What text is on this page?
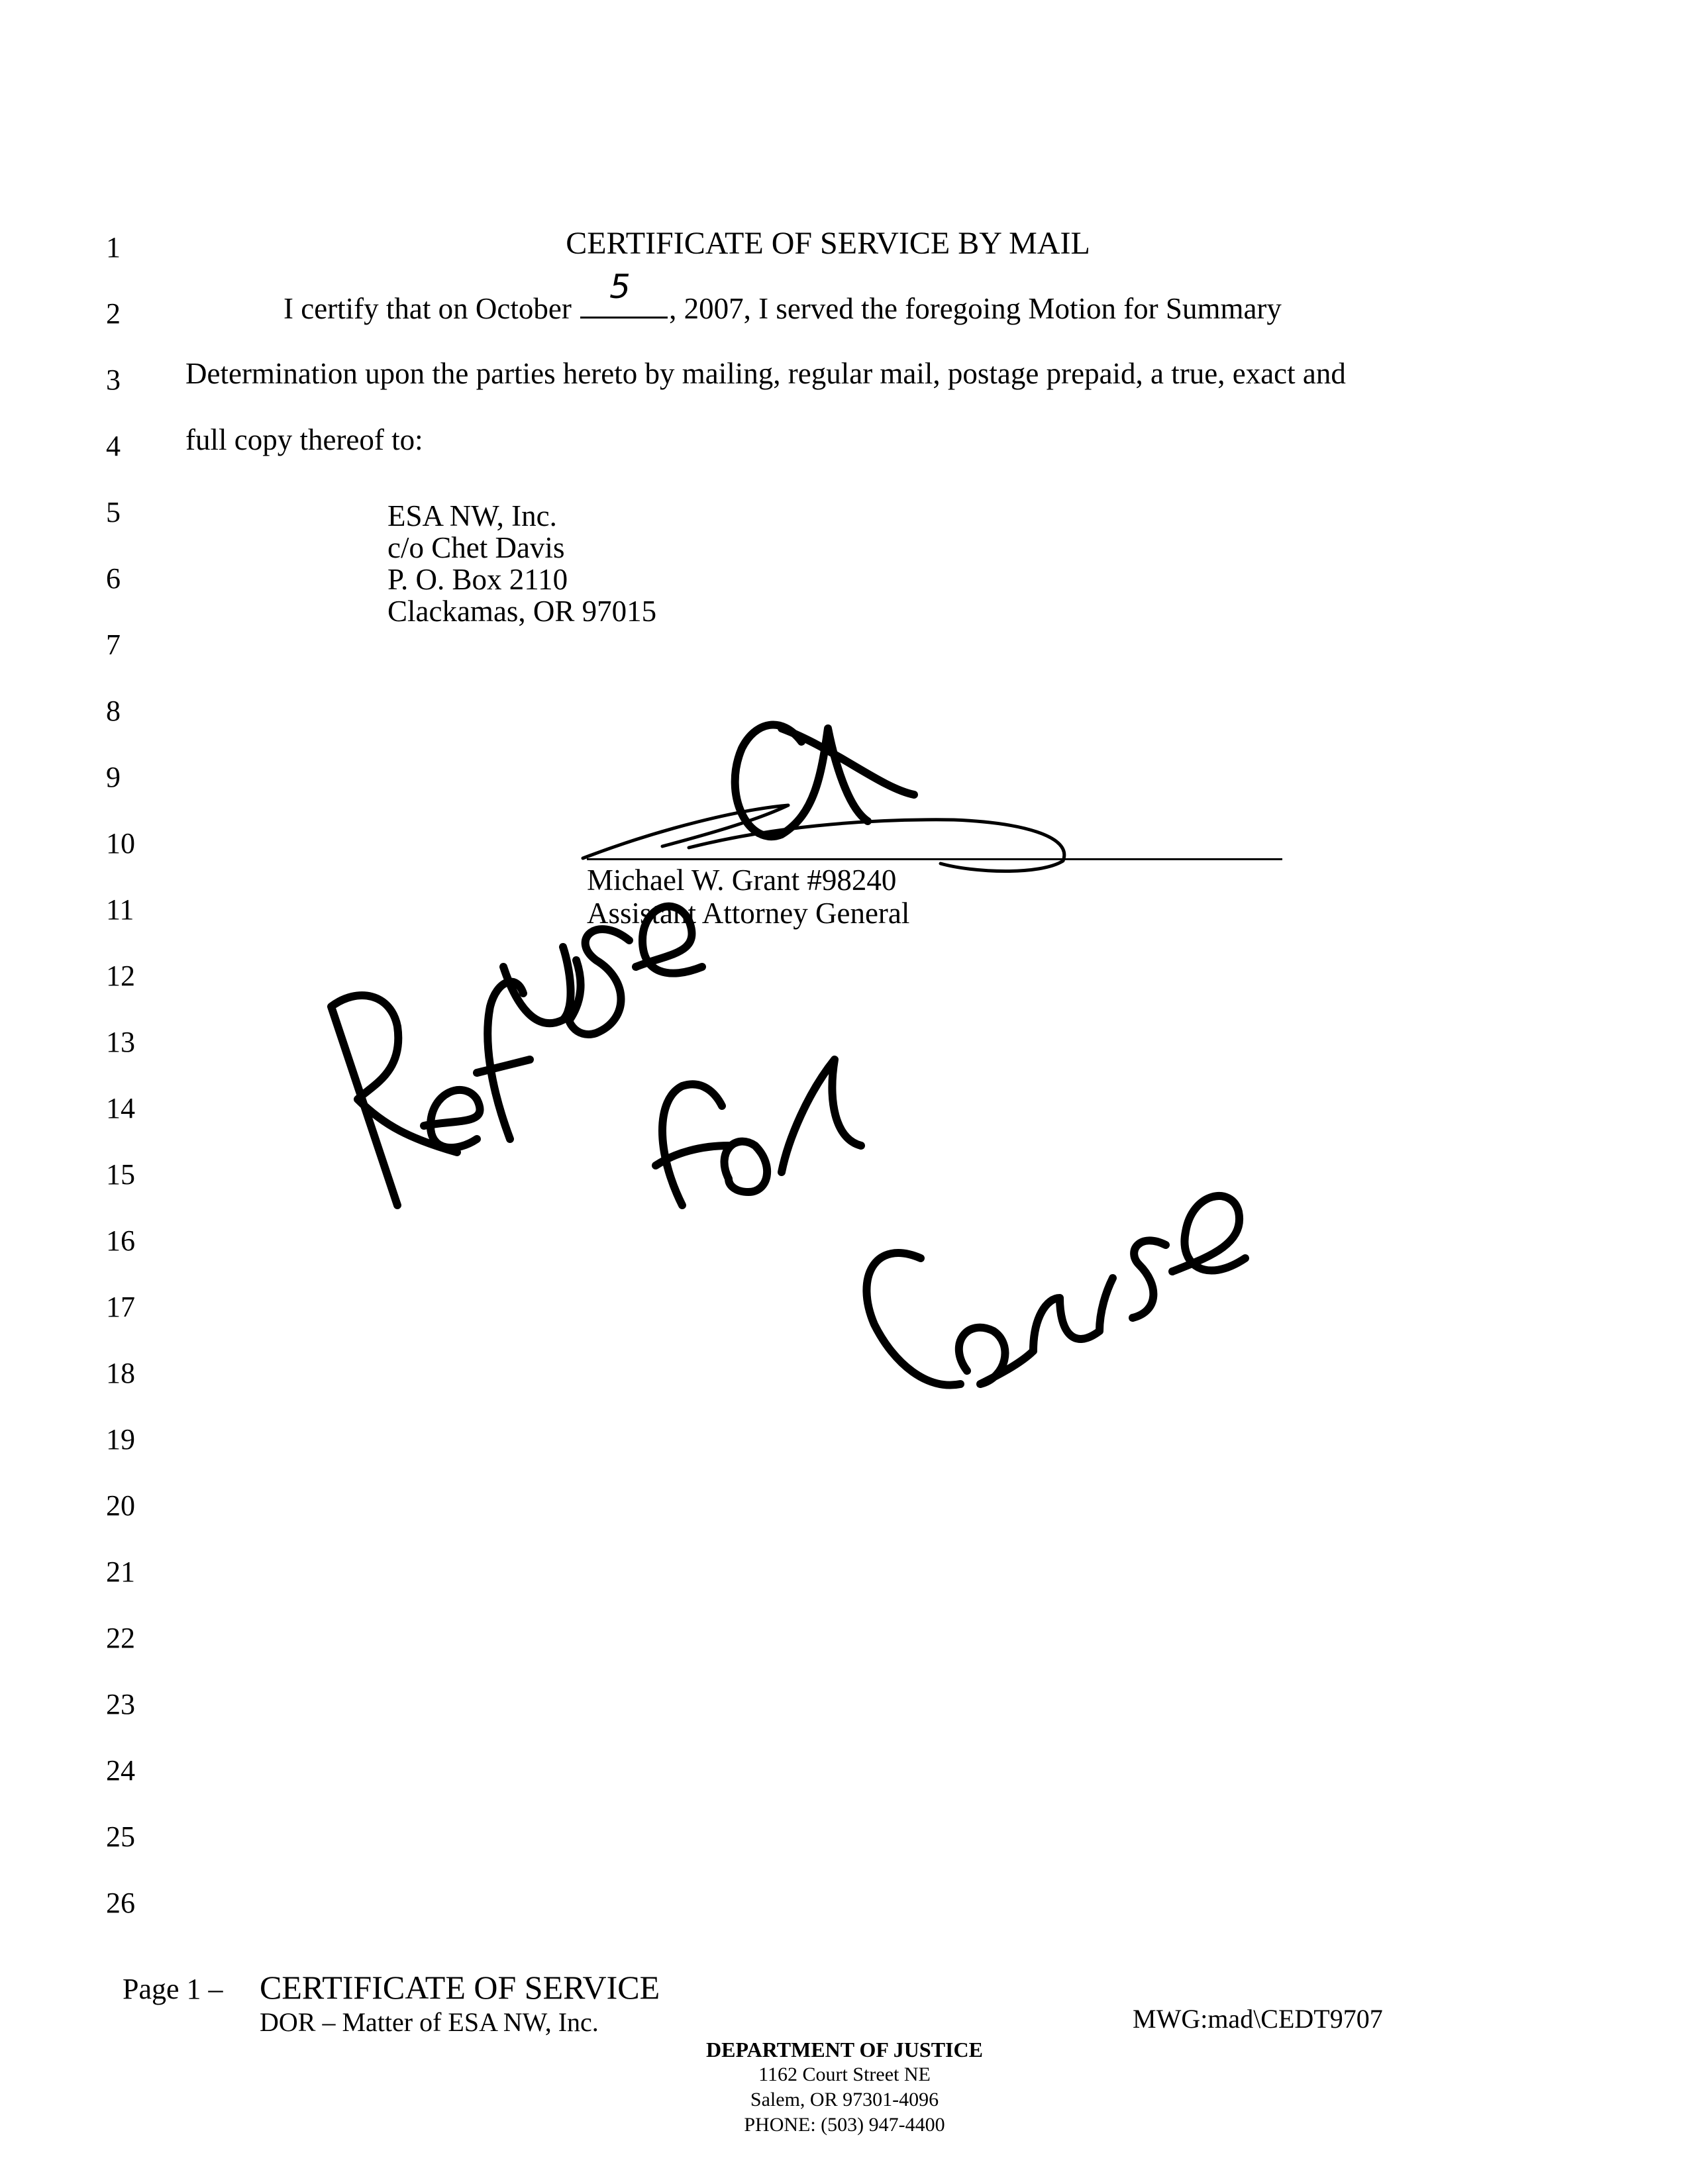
1
2
3
4
5
6
7
8
9
10
11
12
13
14
15
16
17
18
19
20
21
22
23
24
25
26
CERTIFICATE OF SERVICE BY MAIL
I certify that on October
5
, 2007, I served the foregoing Motion for Summary
Determination upon the parties hereto by mailing, regular mail, postage prepaid, a true, exact and
full copy thereof to:
ESA NW, Inc.
c/o Chet Davis
P. O. Box 2110
Clackamas, OR 97015
Michael W. Grant #98240
Assistant Attorney General
Page 1 – CERTIFICATE OF SERVICE
DOR – Matter of ESA NW, Inc.	MWG:mad\CEDT9707
DEPARTMENT OF JUSTICE
1162 Court Street NE
Salem, OR 97301-4096
PHONE: (503) 947-4400
